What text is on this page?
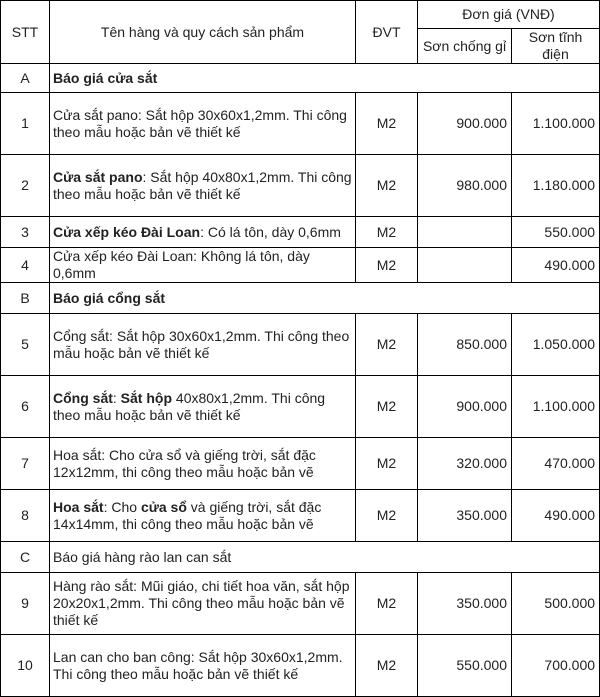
STT	Tên hàng và quy cách sản phẩm	ĐVT	Đơn giá (VNĐ)	
			Sơn chống gỉ	Sơn tĩnh điện
A	Báo giá cửa sắt			
1	Cửa sắt pano: Sắt hộp 30x60x1,2mm. Thi công theo mẫu hoặc bản vẽ thiết kế	M2	900.000	1.100.000
2	Cửa sắt pano: Sắt hộp 40x80x1,2mm. Thi công theo mẫu hoặc bản vẽ thiết kế	M2	980.000	1.180.000
3	Cửa xếp kéo Đài Loan: Có lá tôn, dày 0,6mm	M2		550.000
4	Cửa xếp kéo Đài Loan: Không lá tôn, dày 0,6mm	M2		490.000
B	Báo giá cổng sắt			
5	Cổng sắt: Sắt hộp 30x60x1,2mm. Thi công theo mẫu hoặc bản vẽ thiết kế	M2	850.000	1.050.000
6	Cổng sắt: Sắt hộp 40x80x1,2mm. Thi công theo mẫu hoặc bản vẽ thiết kế	M2	900.000	1.100.000
7	Hoa sắt: Cho cửa sổ và giếng trời, sắt đặc 12x12mm, thi công theo mẫu hoặc bản vẽ	M2	320.000	470.000
8	Hoa sắt: Cho cửa sổ và giếng trời, sắt đặc 14x14mm, thi công theo mẫu hoặc bản vẽ	M2	350.000	490.000
C	Báo giá hàng rào lan can sắt			
9	Hàng rào sắt: Mũi giáo, chi tiết hoa văn, sắt hộp 20x20x1,2mm. Thi công theo mẫu hoặc bản vẽ thiết kế	M2	350.000	500.000
10	Lan can cho ban công: Sắt hộp 30x60x1,2mm. Thi công theo mẫu hoặc bản vẽ thiết kế	M2	550.000	700.000
